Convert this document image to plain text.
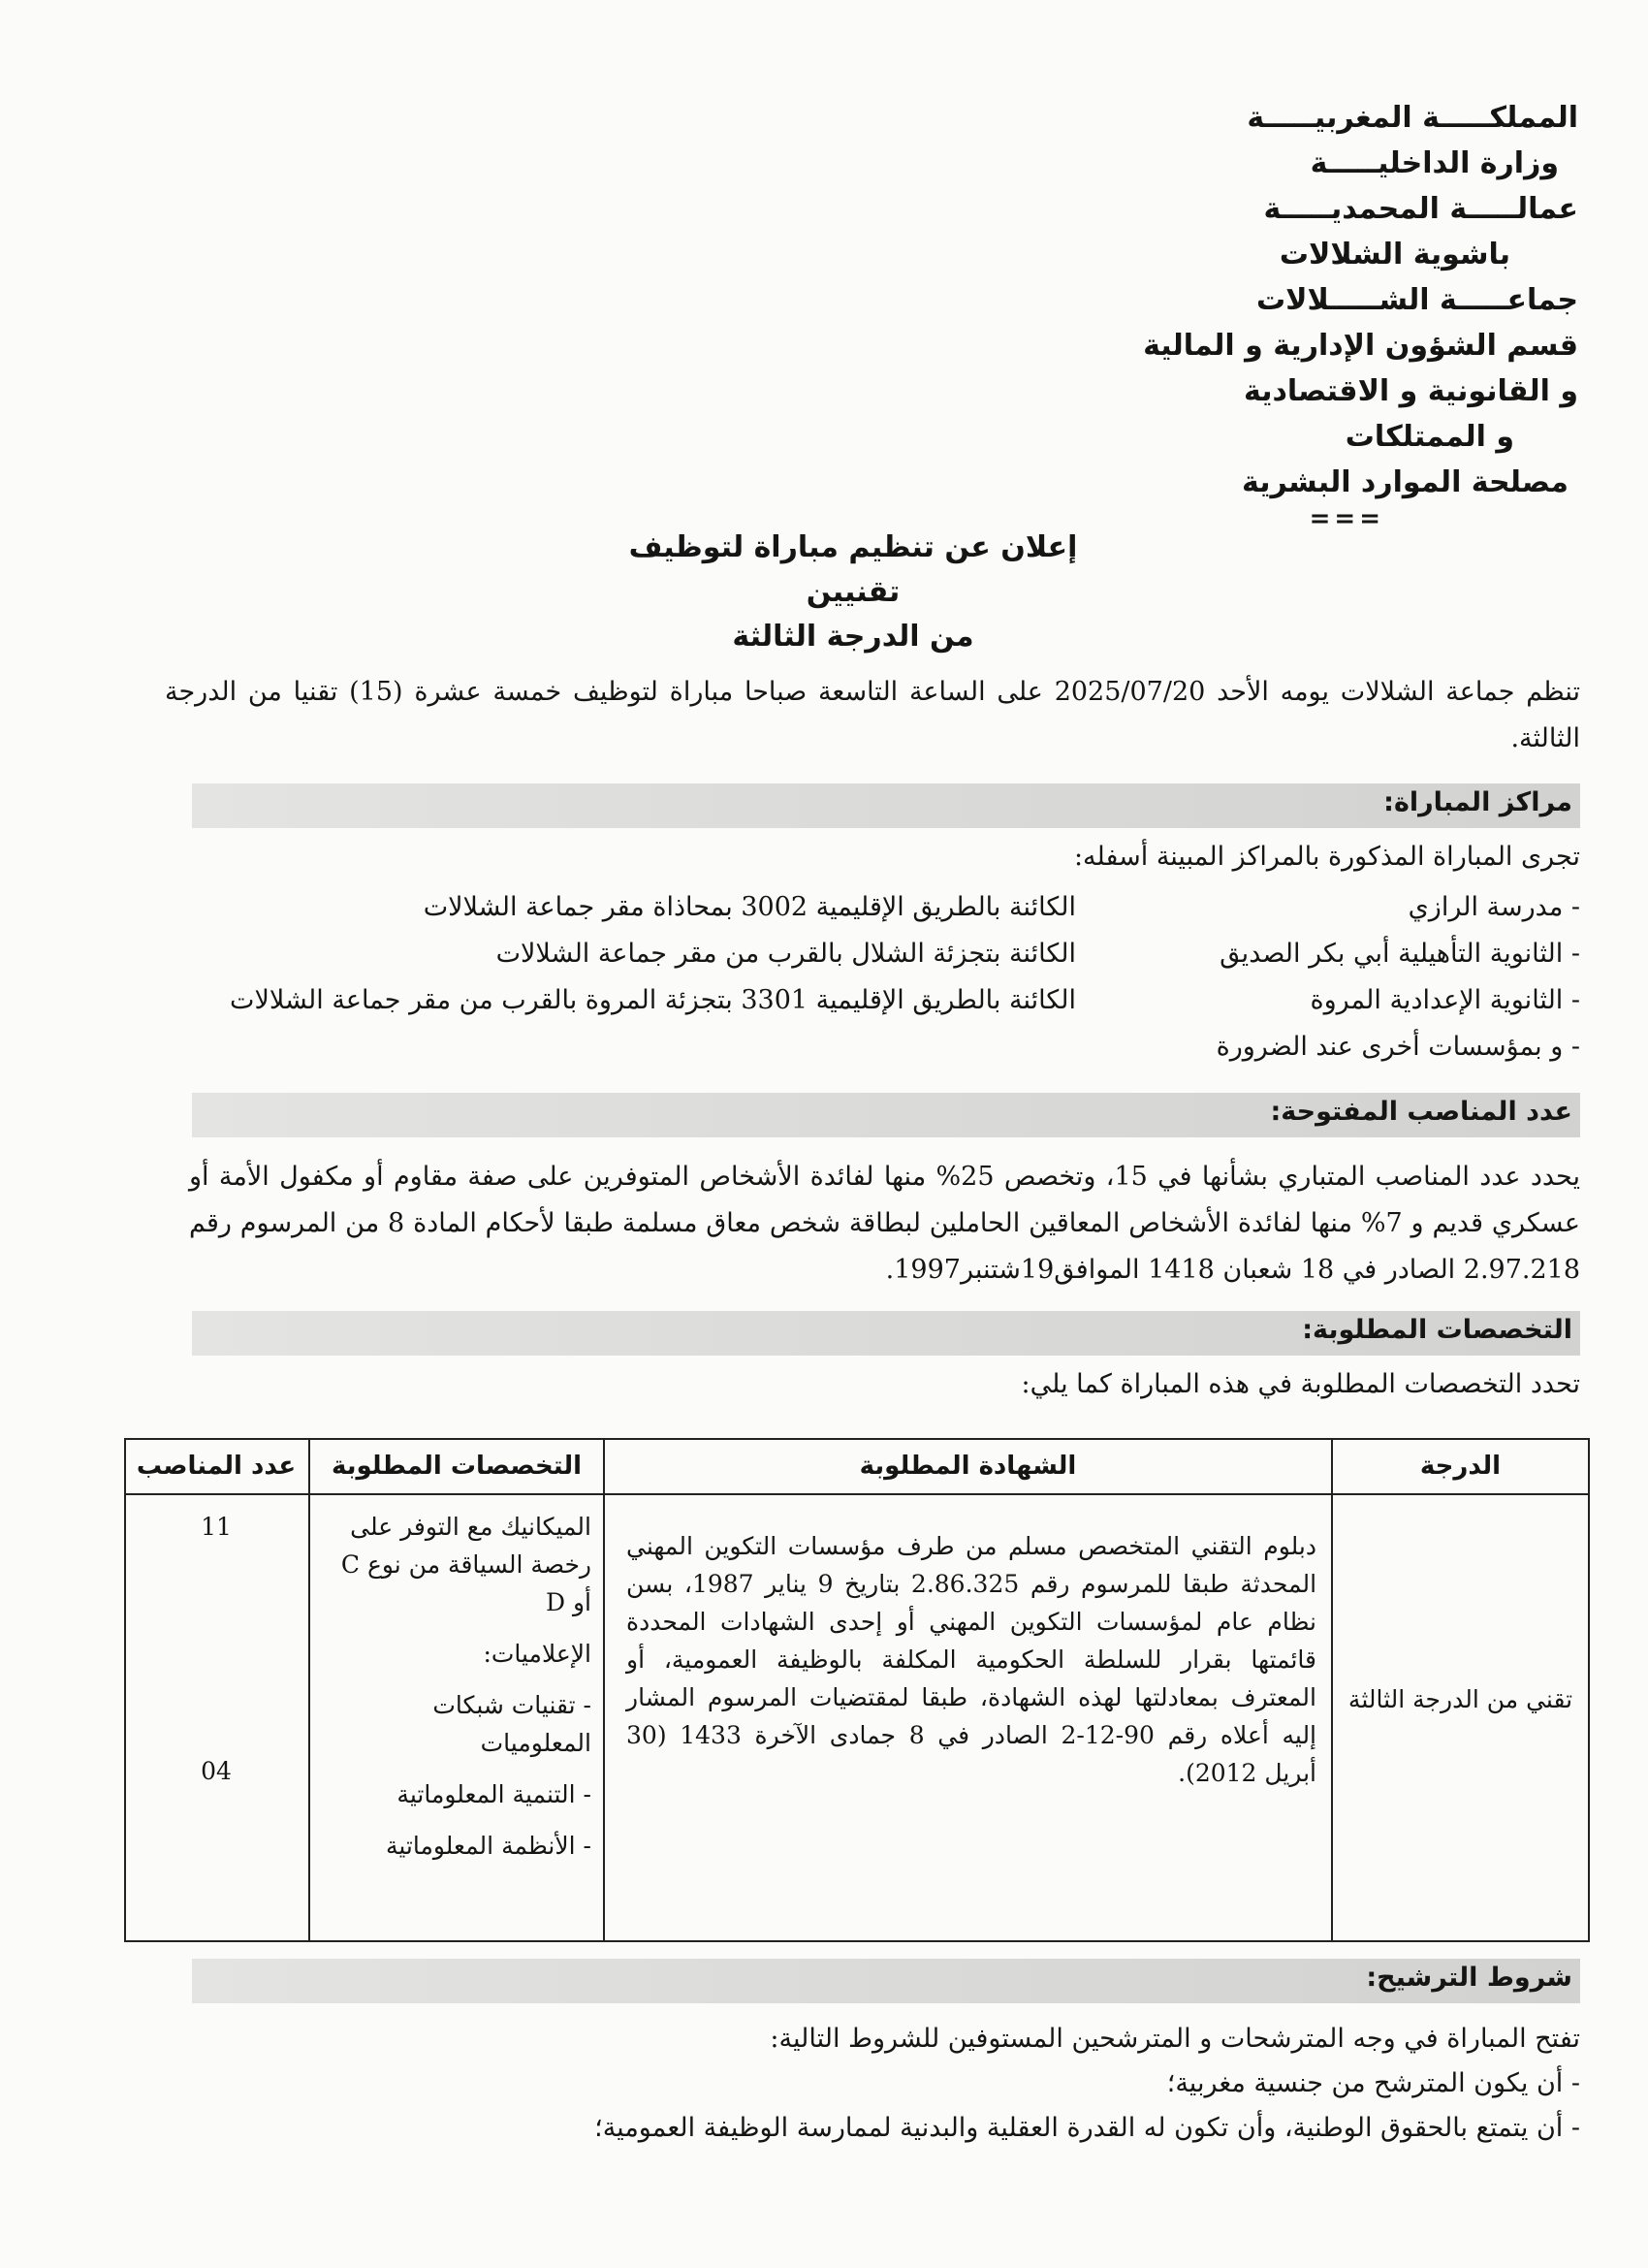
المملكـــــة المغربيـــــة
وزارة الداخليـــــة
عمالـــــة المحمديـــــة
باشوية الشلالات
جماعـــــة الشـــــلالات
قسم الشؤون الإدارية و المالية
و القانونية و الاقتصادية
و الممتلكات
مصلحة الموارد البشرية
===
إعلان عن تنظيم مباراة لتوظيف تقنيين
من الدرجة الثالثة
تنظم جماعة الشلالات يومه الأحد 2025/07/20 على الساعة التاسعة صباحا مباراة لتوظيف خمسة عشرة (15) تقنيا من الدرجة الثالثة.
مراكز المباراة:
تجرى المباراة المذكورة بالمراكز المبينة أسفله:
- مدرسة الرازي
الكائنة بالطريق الإقليمية 3002 بمحاذاة مقر جماعة الشلالات
- الثانوية التأهيلية أبي بكر الصديق
الكائنة بتجزئة الشلال بالقرب من مقر جماعة الشلالات
- الثانوية الإعدادية المروة
الكائنة بالطريق الإقليمية 3301 بتجزئة المروة بالقرب من مقر جماعة الشلالات
- و بمؤسسات أخرى عند الضرورة
عدد المناصب المفتوحة:
يحدد عدد المناصب المتباري بشأنها في 15، وتخصص 25% منها لفائدة الأشخاص المتوفرين على صفة مقاوم أو مكفول الأمة أو عسكري قديم و 7% منها لفائدة الأشخاص المعاقين الحاملين لبطاقة شخص معاق مسلمة طبقا لأحكام المادة 8 من المرسوم رقم 2.97.218 الصادر في 18 شعبان 1418 الموافق19شتنبر1997.
التخصصات المطلوبة:
تحدد التخصصات المطلوبة في هذه المباراة كما يلي:
الدرجة
الشهادة المطلوبة
التخصصات المطلوبة
عدد المناصب
تقني من الدرجة الثالثة
دبلوم التقني المتخصص مسلم من طرف مؤسسات التكوين المهني المحدثة طبقا للمرسوم رقم 2.86.325 بتاريخ 9 يناير 1987، بسن نظام عام لمؤسسات التكوين المهني أو إحدى الشهادات المحددة قائمتها بقرار للسلطة الحكومية المكلفة بالوظيفة العمومية، أو المعترف بمعادلتها لهذه الشهادة، طبقا لمقتضيات المرسوم المشار إليه أعلاه رقم 90-12-2 الصادر في 8 جمادى الآخرة 1433 (30 أبريل 2012).

الميكانيك مع التوفر على رخصة السياقة من نوع C أو D

الإعلاميات:

- تقنيات شبكات المعلوميات

- التنمية المعلوماتية

- الأنظمة المعلوماتية

11
04
شروط الترشيح:
تفتح المباراة في وجه المترشحات و المترشحين المستوفين للشروط التالية:
- أن يكون المترشح من جنسية مغربية؛
- أن يتمتع بالحقوق الوطنية، وأن تكون له القدرة العقلية والبدنية لممارسة الوظيفة العمومية؛
